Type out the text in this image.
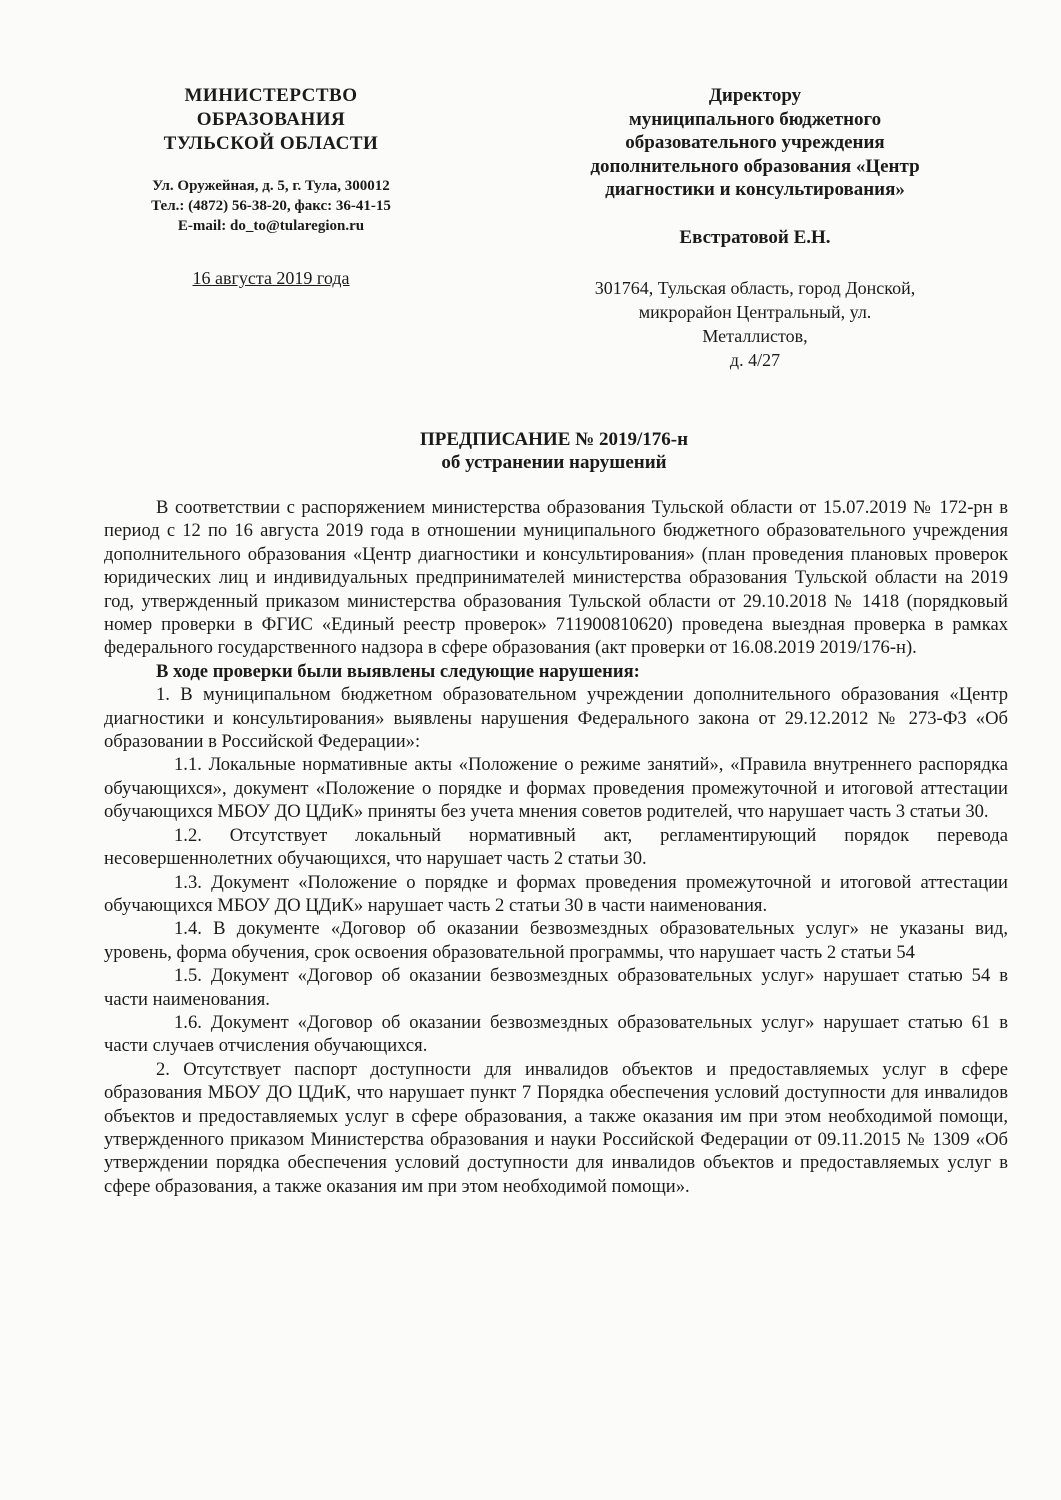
МИНИСТЕРСТВО
ОБРАЗОВАНИЯ
ТУЛЬСКОЙ ОБЛАСТИ
Ул. Оружейная, д. 5, г. Тула, 300012
Тел.: (4872) 56-38-20, факс: 36-41-15
E-mail: do_to@tularegion.ru
16 августа 2019 года
Директору
муниципального бюджетного
образовательного учреждения
дополнительного образования «Центр
диагностики и консультирования»
Евстратовой Е.Н.
301764, Тульская область, город Донской,
микрорайон Центральный, ул.
Металлистов,
д. 4/27
ПРЕДПИСАНИЕ № 2019/176-н
об устранении нарушений

В соответствии с распоряжением министерства образования Тульской области от 15.07.2019 № 172-рн в период с 12 по 16 августа 2019 года в отношении муниципального бюджетного образовательного учреждения дополнительного образования «Центр диагностики и консультирования» (план проведения плановых проверок юридических лиц и индивидуальных предпринимателей министерства образования Тульской области на 2019 год, утвержденный приказом министерства образования Тульской области от 29.10.2018 № 1418 (порядковый номер проверки в ФГИС «Единый реестр проверок» 711900810620) проведена выездная проверка в рамках федерального государственного надзора в сфере образования (акт проверки от 16.08.2019 2019/176-н).

В ходе проверки были выявлены следующие нарушения:

1. В муниципальном бюджетном образовательном учреждении дополнительного образования «Центр диагностики и консультирования» выявлены нарушения Федерального закона от 29.12.2012 № 273-ФЗ «Об образовании в Российской Федерации»:

1.1. Локальные нормативные акты «Положение о режиме занятий», «Правила внутреннего распорядка обучающихся», документ «Положение о порядке и формах проведения промежуточной и итоговой аттестации обучающихся МБОУ ДО ЦДиК» приняты без учета мнения советов родителей, что нарушает часть 3 статьи 30.

1.2. Отсутствует локальный нормативный акт, регламентирующий порядок перевода несовершеннолетних обучающихся, что нарушает часть 2 статьи 30.

1.3. Документ «Положение о порядке и формах проведения промежуточной и итоговой аттестации обучающихся МБОУ ДО ЦДиК» нарушает часть 2 статьи 30 в части наименования.

1.4. В документе «Договор об оказании безвозмездных образовательных услуг» не указаны вид, уровень, форма обучения, срок освоения образовательной программы, что нарушает часть 2 статьи 54

1.5. Документ «Договор об оказании безвозмездных образовательных услуг» нарушает статью 54 в части наименования.

1.6. Документ «Договор об оказании безвозмездных образовательных услуг» нарушает статью 61 в части случаев отчисления обучающихся.

2. Отсутствует паспорт доступности для инвалидов объектов и предоставляемых услуг в сфере образования МБОУ ДО ЦДиК, что нарушает пункт 7 Порядка обеспечения условий доступности для инвалидов объектов и предоставляемых услуг в сфере образования, а также оказания им при этом необходимой помощи, утвержденного приказом Министерства образования и науки Российской Федерации от 09.11.2015 № 1309 «Об утверждении порядка обеспечения условий доступности для инвалидов объектов и предоставляемых услуг в сфере образования, а также оказания им при этом необходимой помощи».
